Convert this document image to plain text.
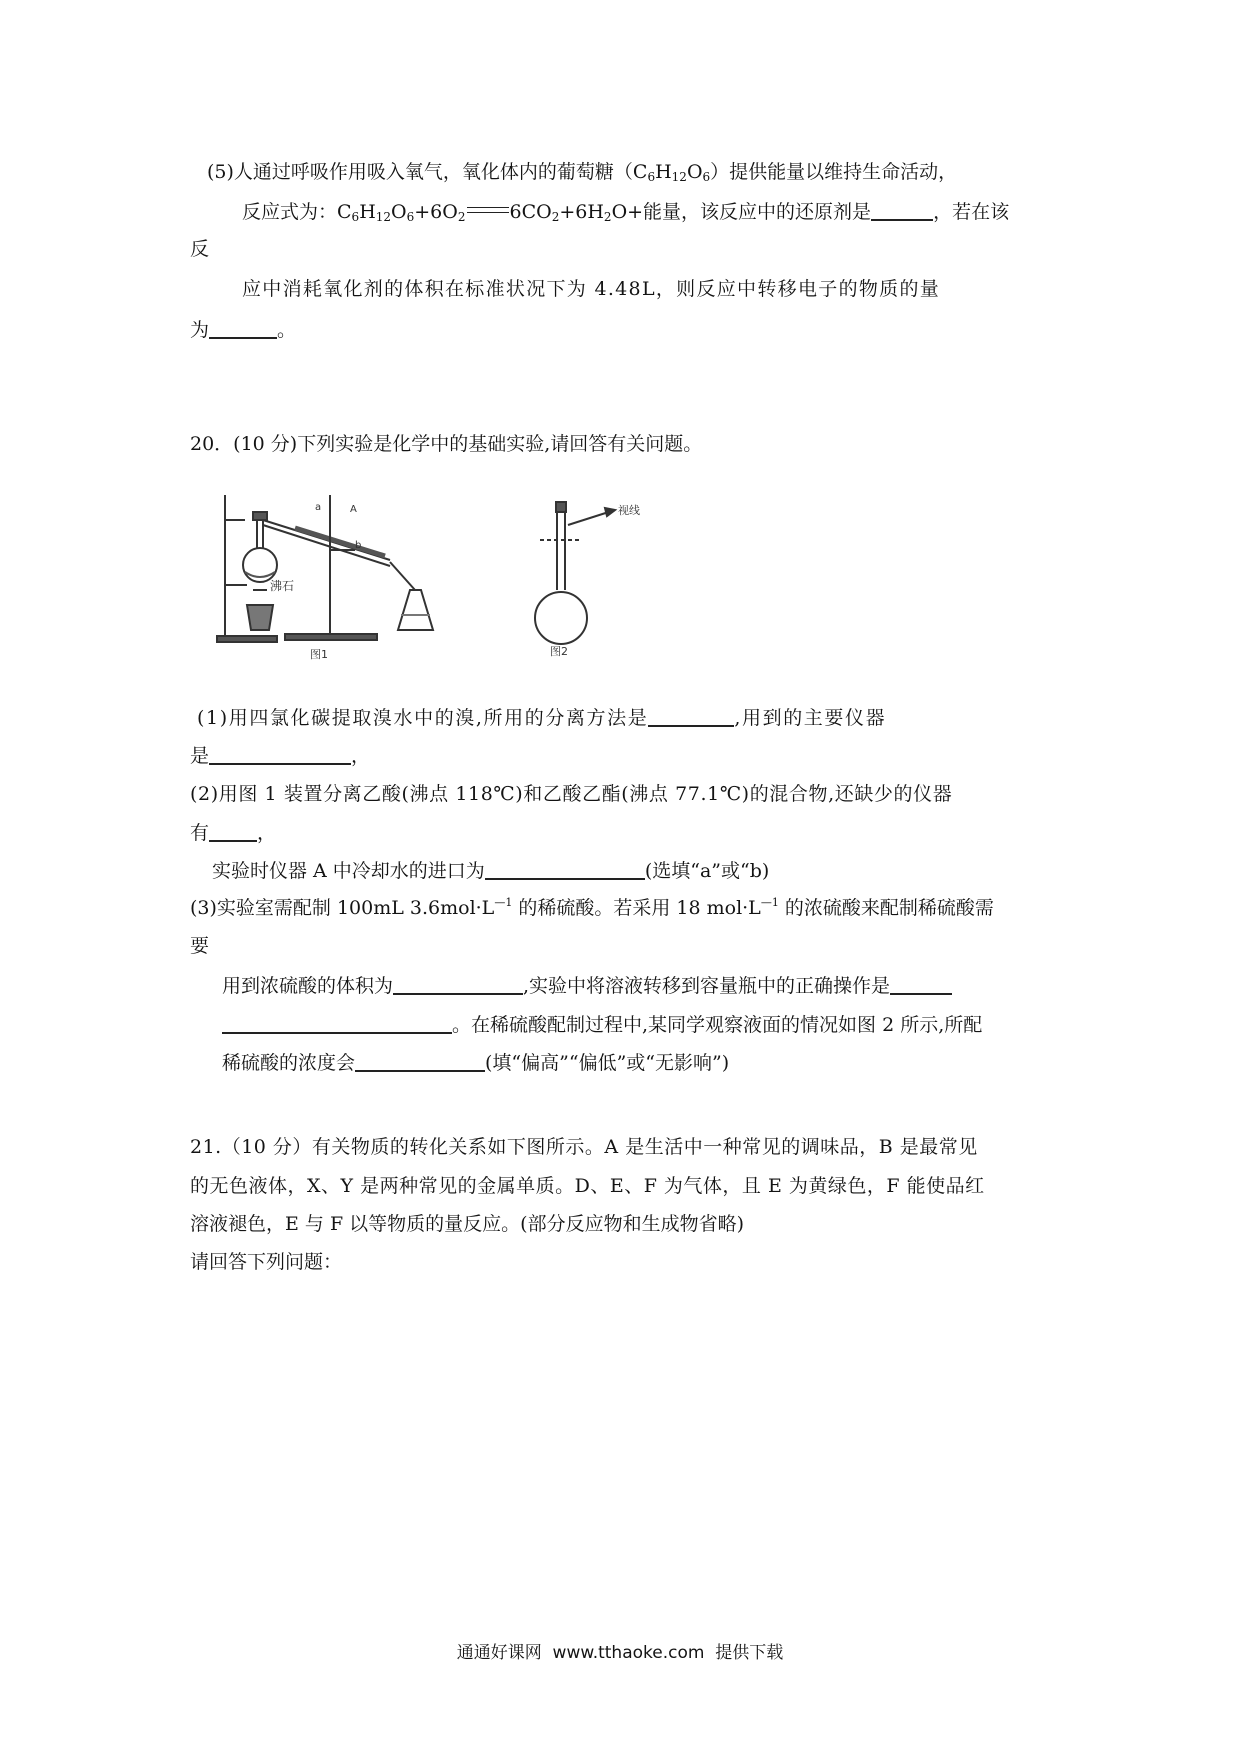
(5)人通过呼吸作用吸入氧气，氧化体内的葡萄糖$(C_6H_{12}O_6)$提供能量以维持生命活动，
反应式为：$C_6H_{12}O_6+6O_2$ $6CO_2+6H_2O+$能量，该反应中的还原剂是	，若在该
反
应中消耗氧化剂的体积在标准状况下为 4.48L，则反应中转移电子的物质的量
为	。
20．(10 分)下列实验是化学中的基础实验,请回答有关问题。
a	A
b
沸石
图1
视线
图2
(1)用四氯化碳提取溴水中的溴,所用的分离方法是	,用到的主要仪器
是	，
(2)用图 1 装置分离乙酸(沸点 118℃)和乙酸乙酯(沸点 77.1℃)的混合物,还缺少的仪器
有	，
实验时仪器 A 中冷却水的进口为	(选填“a”或“b)
(3)实验室需配制 100mL $3.6mol\cdot L^{—1}$ 的稀硫酸。若采用 18 $mol\cdot L^{—1}$ 的浓硫酸来配制稀硫酸需
要
用到浓硫酸的体积为	,实验中将溶液转移到容量瓶中的正确操作是
。在稀硫酸配制过程中,某同学观察液面的情况如图 2 所示,所配
稀硫酸的浓度会	(填“偏高”“偏低”或“无影响”)
21.（10 分）有关物质的转化关系如下图所示。A 是生活中一种常见的调味品，B 是最常见
的无色液体，X、Y 是两种常见的金属单质。D、E、F 为气体，且 E 为黄绿色，F 能使品红
溶液褪色，E 与 F 以等物质的量反应。(部分反应物和生成物省略)
请回答下列问题：
通通好课网 www.tthaoke.com 提供下载
